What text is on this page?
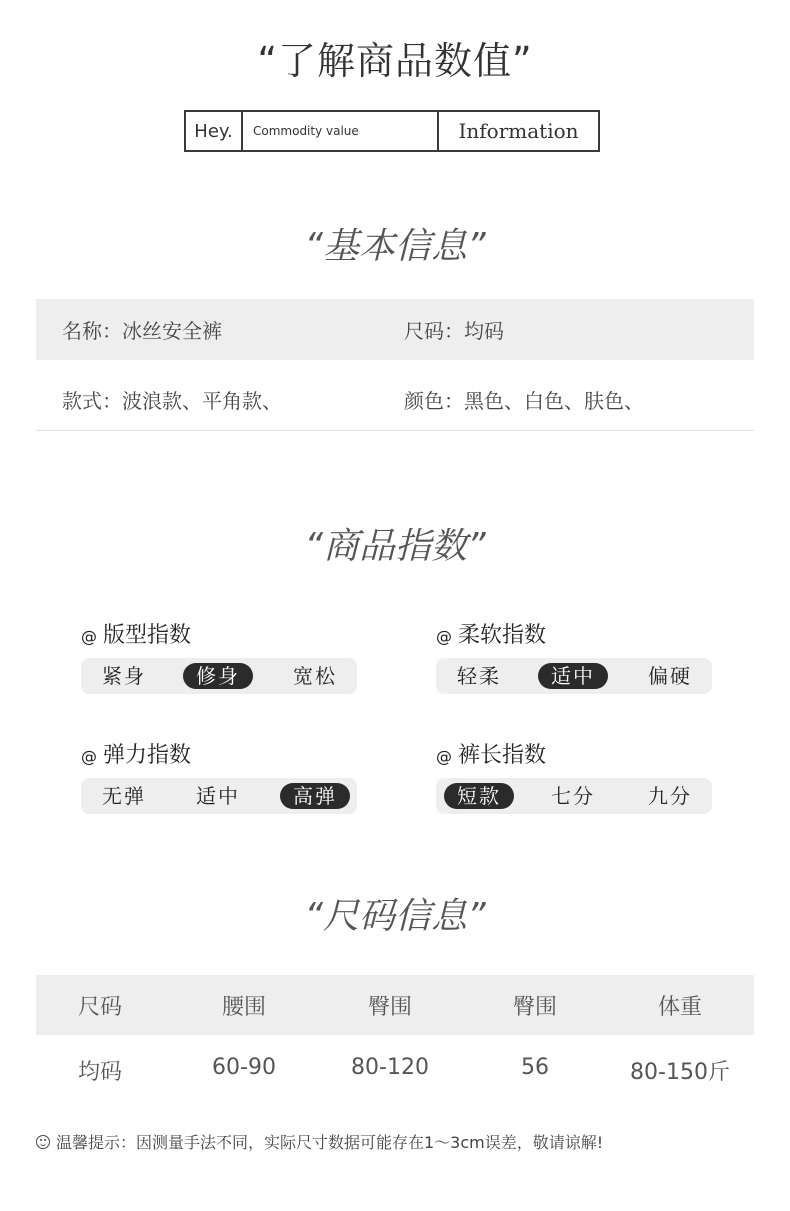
“了解商品数值”
Hey.	Commodity value	Information
“基本信息”
名称：冰丝安全裤	尺码：均码
款式：波浪款、平角款、	颜色：黑色、白色、肤色、
“商品指数”
@ 版型指数
紧身	修身	宽松
@ 柔软指数
轻柔	适中	偏硬
@ 弹力指数
无弹	适中	高弹
@ 裤长指数
短款	七分	九分
“尺码信息”
尺码	腰围	臀围	臀围	体重
均码	60-90	80-120	56	80-150斤
温馨提示：因测量手法不同，实际尺寸数据可能存在1～3cm误差，敬请谅解!
